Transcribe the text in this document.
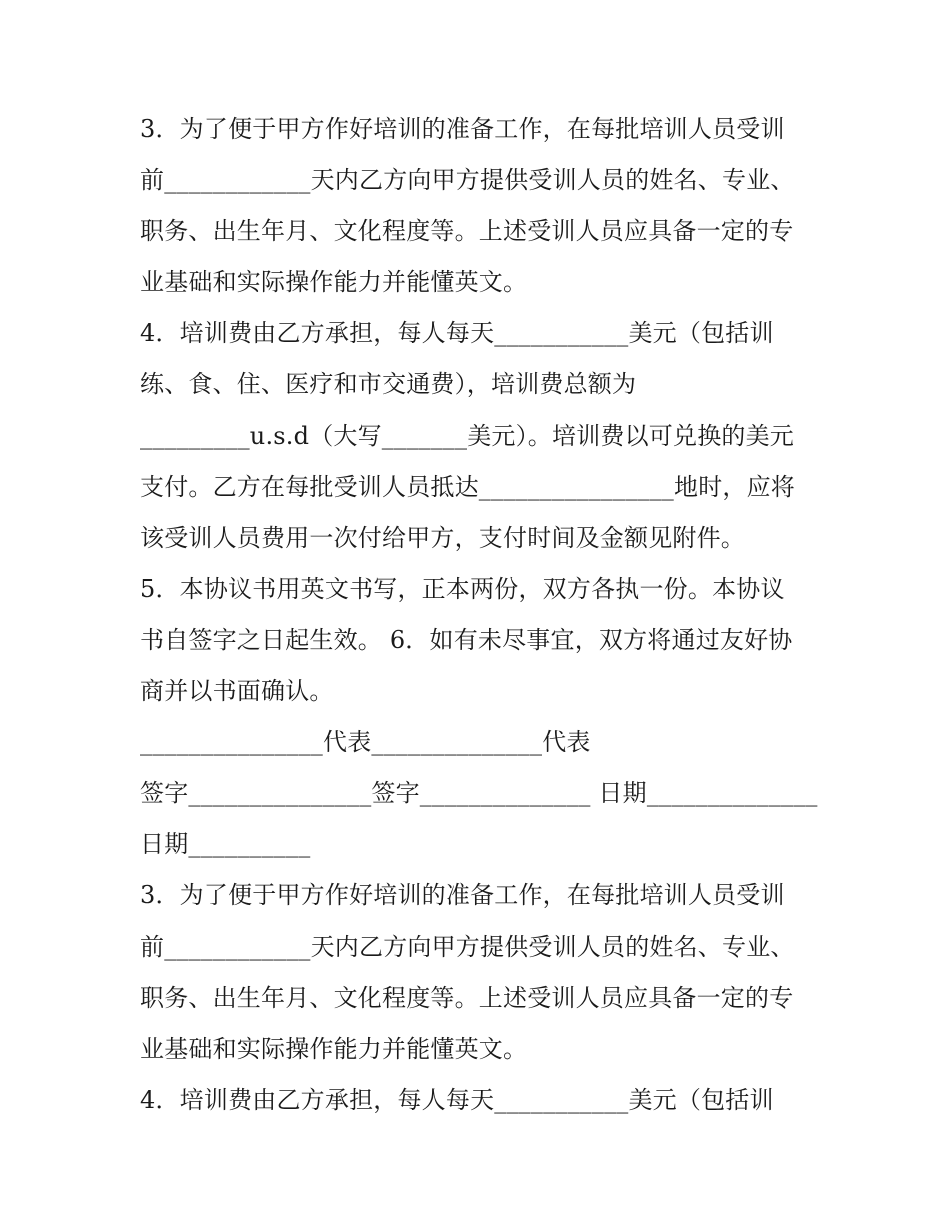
3．为了便于甲方作好培训的准备工作，在每批培训人员受训
前____________天内乙方向甲方提供受训人员的姓名、专业、
职务、出生年月、文化程度等。上述受训人员应具备一定的专
业基础和实际操作能力并能懂英文。
4．培训费由乙方承担，每人每天___________美元（包括训
练、食、住、医疗和市交通费），培训费总额为
_________u.s.d（大写_______美元）。培训费以可兑换的美元
支付。乙方在每批受训人员抵达________________地时，应将
该受训人员费用一次付给甲方，支付时间及金额见附件。
5．本协议书用英文书写，正本两份，双方各执一份。本协议
书自签字之日起生效。 6．如有未尽事宜，双方将通过友好协
商并以书面确认。
_______________代表______________代表
签字_______________签字______________ 日期______________
日期__________
3．为了便于甲方作好培训的准备工作，在每批培训人员受训
前____________天内乙方向甲方提供受训人员的姓名、专业、
职务、出生年月、文化程度等。上述受训人员应具备一定的专
业基础和实际操作能力并能懂英文。
4．培训费由乙方承担，每人每天___________美元（包括训
